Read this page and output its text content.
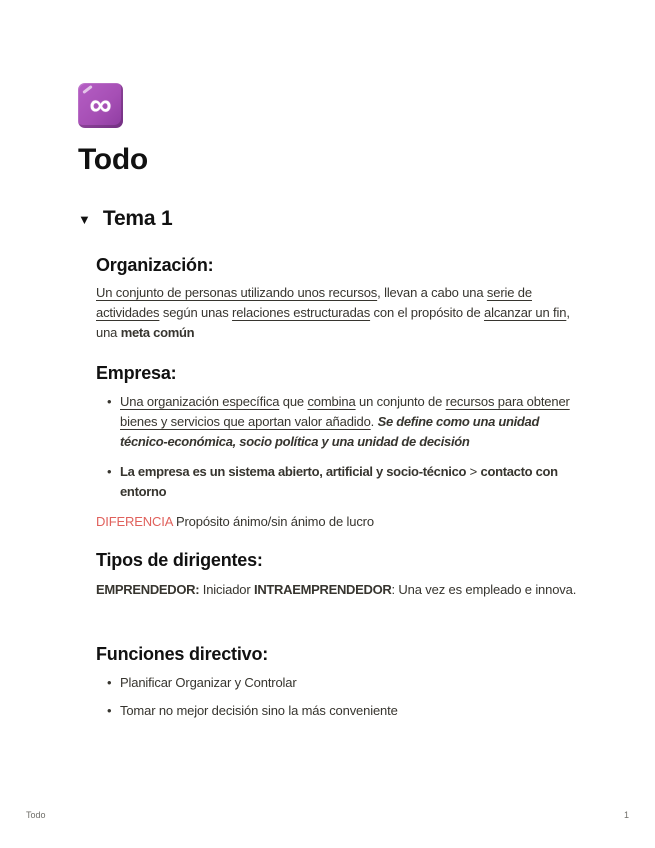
∞
Todo
▼ Tema 1
Organización:

Un conjunto de personas utilizando unos recursos, llevan a cabo una serie de actividades según unas relaciones estructuradas con el propósito de alcanzar un fin, una meta común

Empresa:
• Una organización específica que combina un conjunto de recursos para obtener bienes y servicios que aportan valor añadido. Se define como una unidad técnico-económica, socio política y una unidad de decisión
• La empresa es un sistema abierto, artificial y socio-técnico > contacto con entorno

DIFERENCIA Propósito ánimo/sin ánimo de lucro

Tipos de dirigentes:

EMPRENDEDOR: Iniciador INTRAEMPRENDEDOR: Una vez es empleado e innova.

Funciones directivo:
• Planificar Organizar y Controlar
• Tomar no mejor decisión sino la más conveniente
Todo	1
